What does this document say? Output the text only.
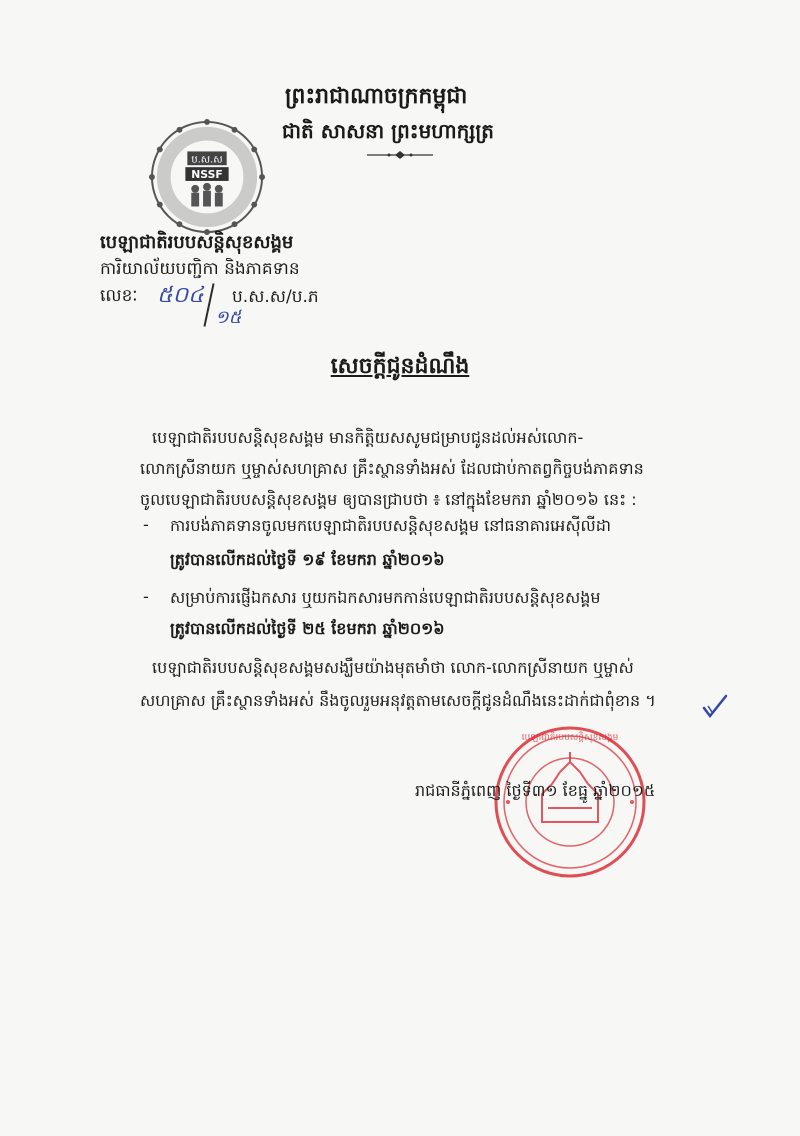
ព្រះរាជាណាចក្រកម្ពុជា
ជាតិ សាសនា ព្រះមហាក្សត្រ
ប.ស.ស
NSSF
បេឡាជាតិរបបសន្តិសុខសង្គម
ការិយាល័យបញ្ជិកា និងភាគទាន
លេខៈ ៥០៤
១៥
ប.ស.ស/ប.ភ
សេចក្តីជូនដំណឹង
បេឡាជាតិរបបសន្តិសុខសង្គម មានកិត្តិយសសូមជម្រាបជូនដល់អស់លោក-
លោកស្រីនាយក ឬម្ចាស់សហគ្រាស គ្រឹះស្ថានទាំងអស់ ដែលជាប់កាតព្វកិច្ចបង់ភាគទាន
ចូលបេឡាជាតិរបបសន្តិសុខសង្គម ឲ្យបានជ្រាបថា ៖ នៅក្នុងខែមករា ឆ្នាំ២០១៦ នេះ :
- ការបង់ភាគទានចូលមកបេឡាជាតិរបបសន្តិសុខសង្គម នៅធនាគារអេស៊ីលីដា
ត្រូវបានលើកដល់ថ្ងៃទី ១៩ ខែមករា ឆ្នាំ២០១៦
- សម្រាប់ការផ្ញើឯកសារ ឬយកឯកសារមកកាន់បេឡាជាតិរបបសន្តិសុខសង្គម
ត្រូវបានលើកដល់ថ្ងៃទី ២៥ ខែមករា ឆ្នាំ២០១៦
បេឡាជាតិរបបសន្តិសុខសង្គមសង្ឃឹមយ៉ាងមុតមាំថា លោក-លោកស្រីនាយក ឬម្ចាស់
សហគ្រាស គ្រឹះស្ថានទាំងអស់ នឹងចូលរួមអនុវត្តតាមសេចក្តីជូនដំណឹងនេះដាក់ជាពុំខាន ។
បេឡាជាតិរបបសន្តិសុខសង្គម
រាជធានីភ្នំពេញ ថ្ងៃទី៣១ ខែធ្នូ ឆ្នាំ២០១៥
